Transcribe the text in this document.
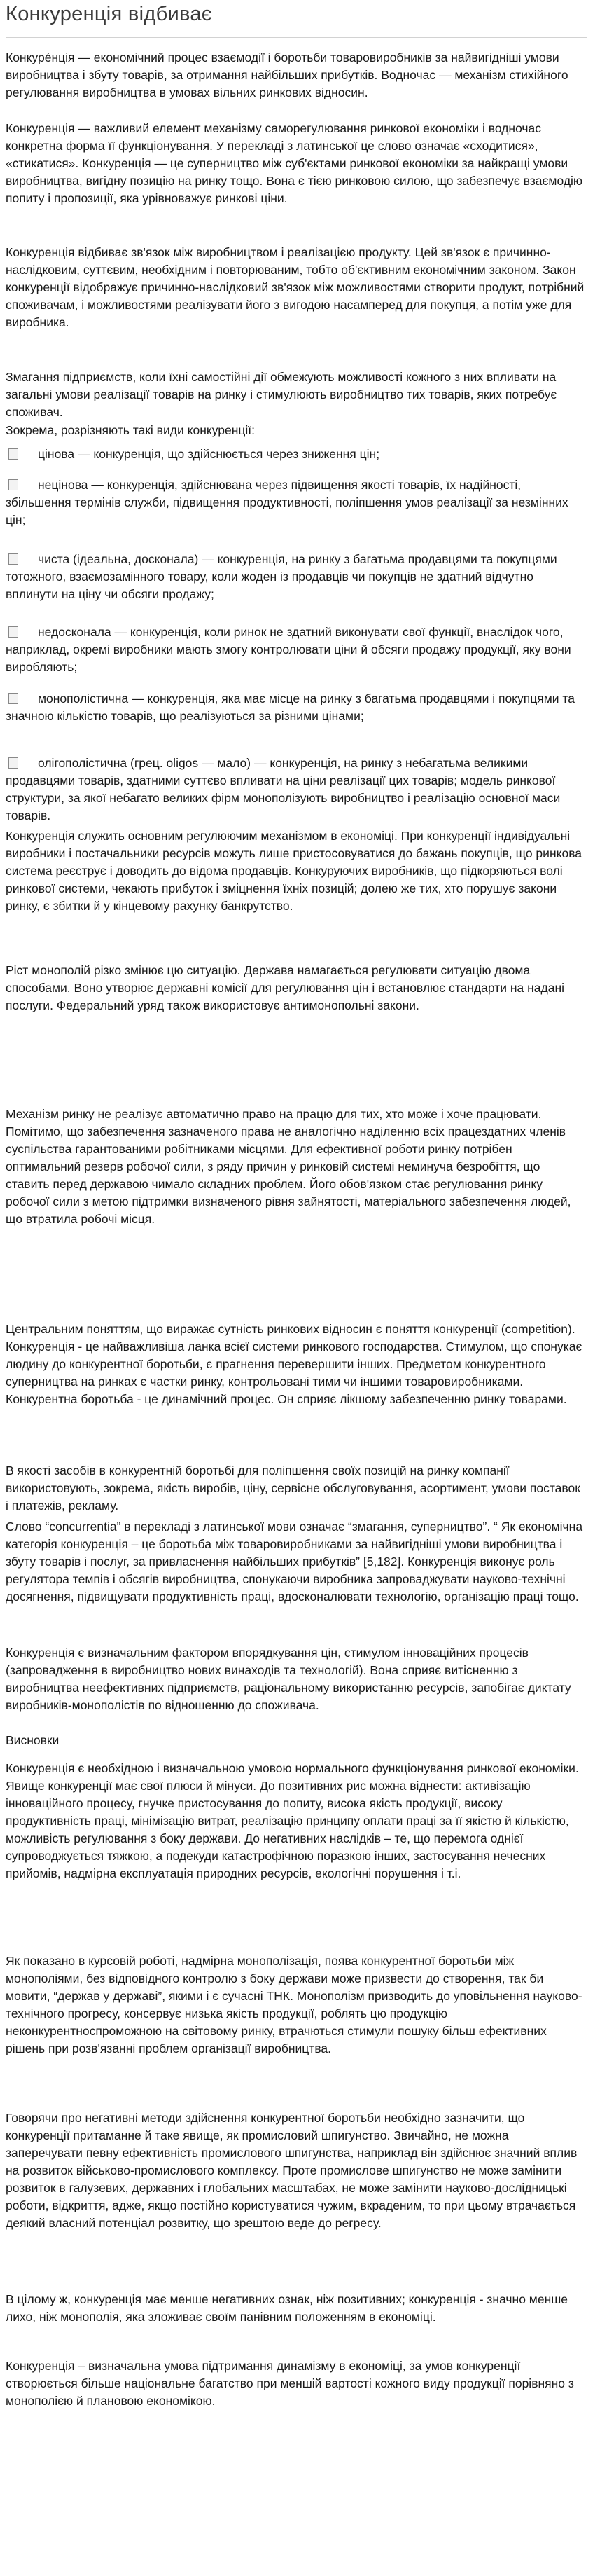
Конкуренція відбиває

Конкурéнція — економічний процес взаємодії і боротьби товаровиробників за найвигідніші умови виробництва і збуту товарів, за отримання найбільших прибутків. Водночас — механізм стихійного регулювання виробництва в умовах вільних ринкових відносин.

Конкуренція — важливий елемент механізму саморегулювання ринкової економіки і водночас конкретна форма її функціонування. У перекладі з латинської це слово означає «сходитися», «стикатися». Конкуренція — це суперництво між суб'єктами ринкової економіки за найкращі умови виробництва, вигідну позицію на ринку тощо. Вона є тією ринковою силою, що забезпечує взаємодію попиту і пропозиції, яка урівноважує ринкові ціни.

Конкуренція відбиває зв'язок між виробництвом і реалізацією продукту. Цей зв'язок є причинно-наслідковим, суттєвим, необхідним і повторюваним, тобто об'єктивним економічним законом. Закон конкуренції відображує причинно-наслідковий зв'язок між можливостями створити продукт, потрібний споживачам, і можливостями реалізувати його з вигодою насамперед для покупця, а потім уже для виробника.

Змагання підприємств, коли їхні самостійні дії обмежують можливості кожного з них впливати на загальні умови реалізації товарів на ринку і стимулюють виробництво тих товарів, яких потребує споживач.

Зокрема, розрізняють такі види конкуренції:

цінова — конкуренція, що здійснюється через зниження цін;

нецінова — конкуренція, здійснювана через підвищення якості товарів, їх надійності, збільшення термінів служби, підвищення продуктивності, поліпшення умов реалізації за незмінних цін;

чиста (ідеальна, досконала) — конкуренція, на ринку з багатьма продавцями та покупцями тотожного, взаємозамінного товару, коли жоден із продавців чи покупців не здатний відчутно вплинути на ціну чи обсяги продажу;

недосконала — конкуренція, коли ринок не здатний виконувати свої функції, внаслідок чого, наприклад, окремі виробники мають змогу контролювати ціни й обсяги продажу продукції, яку вони виробляють;

монополістична — конкуренція, яка має місце на ринку з багатьма продавцями і покупцями та значною кількістю товарів, що реалізуються за різними цінами;

олігополістична (грец. oligos — мало) — конкуренція, на ринку з небагатьма великими продавцями товарів, здатними суттєво впливати на ціни реалізації цих товарів; модель ринкової структури, за якої небагато великих фірм монополізують виробництво і реалізацію основної маси товарів.

Конкуренція служить основним регулюючим механізмом в економіці. При конкуренції індивідуальні виробники і постачальники ресурсів можуть лише пристосовуватися до бажань покупців, що ринкова система реєструє і доводить до відома продавців. Конкуруючих виробників, що підкоряються волі ринкової системи, чекають прибуток і зміцнення їхніх позицій; долею же тих, хто порушує закони ринку, є збитки й у кінцевому рахунку банкрутство.

Ріст монополій різко змінює цю ситуацію. Держава намагається регулювати ситуацію двома способами. Воно утворює державні комісії для регулювання цін і встановлює стандарти на надані послуги. Федеральний уряд також використовує антимонопольні закони.

Механізм ринку не реалізує автоматично право на працю для тих, хто може і хоче працювати. Помітимо, що забезпечення зазначеного права не аналогічно наділенню всіх працездатних членів суспільства гарантованими робітниками місцями. Для ефективної роботи ринку потрібен оптимальний резерв робочої сили, з ряду причин у ринковій системі неминуча безробіття, що ставить перед державою чимало складних проблем. Його обов'язком стає регулювання ринку робочої сили з метою підтримки визначеного рівня зайнятості, матеріального забезпечення людей, що втратила робочі місця.

Центральним поняттям, що виражає сутність ринкових відносин є поняття конкуренції (competition). Конкуренція - це найважливіша ланка всієї системи ринкового господарства. Стимулом, що спонукає людину до конкурентної боротьби, є прагнення перевершити інших. Предметом конкурентного суперництва на ринках є частки ринку, контрольовані тими чи іншими товаровиробниками. Конкурентна боротьба - це динамічний процес. Он сприяє лікшому забезпеченню ринку товарами.

В якості засобів в конкурентній боротьбі для поліпшення своїх позицій на ринку компанії використовують, зокрема, якість виробів, ціну, сервісне обслуговування, асортимент, умови поставок і платежів, рекламу.

Слово “concurrentia” в перекладі з латинської мови означає “змагання, суперництво”. “ Як економічна категорія конкуренція – це боротьба між товаровиробниками за найвигідніші умови виробництва і збуту товарів і послуг, за привласнення найбільших прибутків” [5,182]. Конкуренція виконує роль регулятора темпів і обсягів виробництва, спонукаючи виробника запроваджувати науково-технічні досягнення, підвищувати продуктивність праці, вдосконалювати технологію, організацію праці тощо.

Конкуренція є визначальним фактором впорядкування цін, стимулом інноваційних процесів (запровадження в виробництво нових винаходів та технологій). Вона сприяє витісненню з виробництва неефективних підприємств, раціональному використанню ресурсів, запобігає диктату виробників-монополістів по відношенню до споживача.

Висновки

Конкуренція є необхідною і визначальною умовою нормального функціонування ринкової економіки. Явище конкуренції має свої плюси й мінуси. До позитивних рис можна віднести: активізацію інноваційного процесу, гнучке пристосування до попиту, висока якість продукції, високу продуктивність праці, мінімізацію витрат, реалізацію принципу оплати праці за її якістю й кількістю, можливість регулювання з боку держави. До негативних наслідків – те, що перемога однієї супроводжується тяжкою, а подекуди катастрофічною поразкою інших, застосування нечесних прийомів, надмірна експлуатація природних ресурсів, екологічні порушення і т.і.

Як показано в курсовій роботі, надмірна монополізація, поява конкурентної боротьби між монополіями, без відповідного контролю з боку держави може призвести до створення, так би мовити, “держав у державі”, якими і є сучасні ТНК. Монополізм призводить до уповільнення науково-технічного прогресу, консервує низька якість продукції, роблять цю продукцію неконкурентноспроможною на світовому ринку, втрачються стимули пошуку більш ефективних рішень при розв'язанні проблем організації виробництва.

Говорячи про негативні методи здійснення конкурентної боротьби необхідно зазначити, що конкуренції притаманне й таке явище, як промисловий шпигунство. Звичайно, не можна заперечувати певну ефективність промислового шпигунства, наприклад він здійснює значний вплив на розвиток військово-промислового комплексу. Проте промислове шпигунство не може замінити розвиток в галузевих, державних і глобальних масштабах, не може замінити науково-дослідницькі роботи, відкриття, адже, якщо постійно користуватися чужим, вкраденим, то при цьому втрачається деякий власний потенціал розвитку, що зрештою веде до регресу.

В цілому ж, конкуренція має менше негативних ознак, ніж позитивних; конкуренція - значно менше лихо, ніж монополія, яка зложиває своїм панівним положенням в економіці.

Конкуренція – визначальна умова підтримання динамізму в економіці, за умов конкуренції створюється більше національне багатство при меншій вартості кожного виду продукції порівняно з монополією й плановою економікою.
